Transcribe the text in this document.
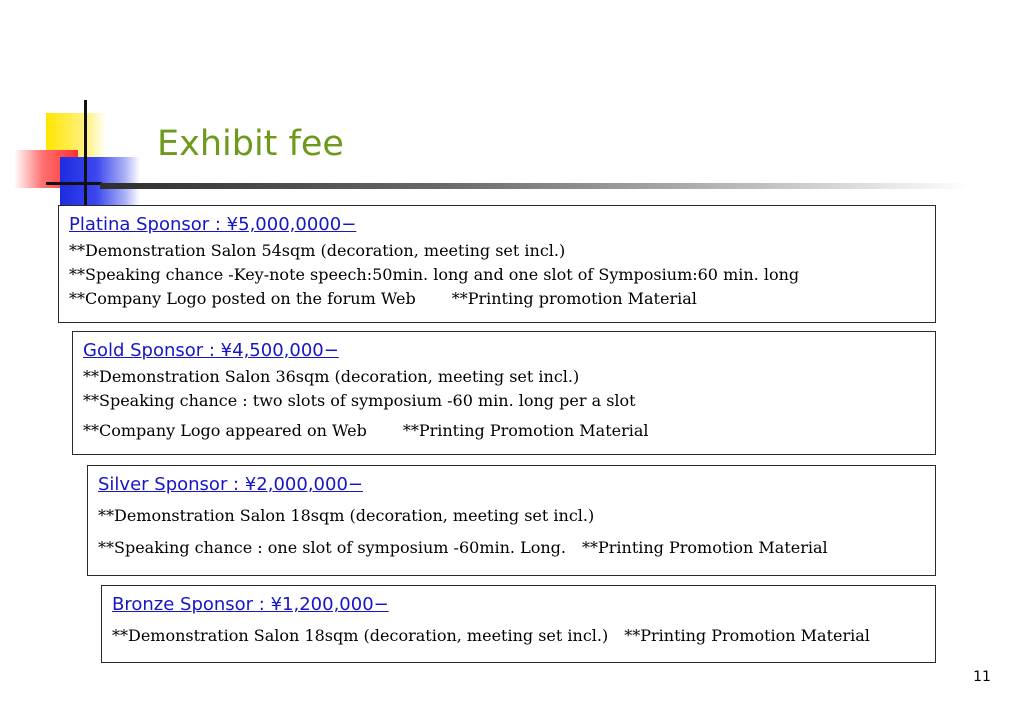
Exhibit fee

Platina Sponsor : ¥5,000,0000−

**Demonstration Salon 54sqm (decoration, meeting set incl.)

**Speaking chance -Key-note speech:50min. long and one slot of Symposium:60 min. long

**Company Logo posted on the forum Web **Printing promotion Material

Gold Sponsor : ¥4,500,000−

**Demonstration Salon 36sqm (decoration, meeting set incl.)

**Speaking chance : two slots of symposium -60 min. long per a slot

**Company Logo appeared on Web **Printing Promotion Material

Silver Sponsor : ¥2,000,000−

**Demonstration Salon 18sqm (decoration, meeting set incl.)

**Speaking chance : one slot of symposium -60min. Long. **Printing Promotion Material

Bronze Sponsor : ¥1,200,000−

**Demonstration Salon 18sqm (decoration, meeting set incl.) **Printing Promotion Material

11
